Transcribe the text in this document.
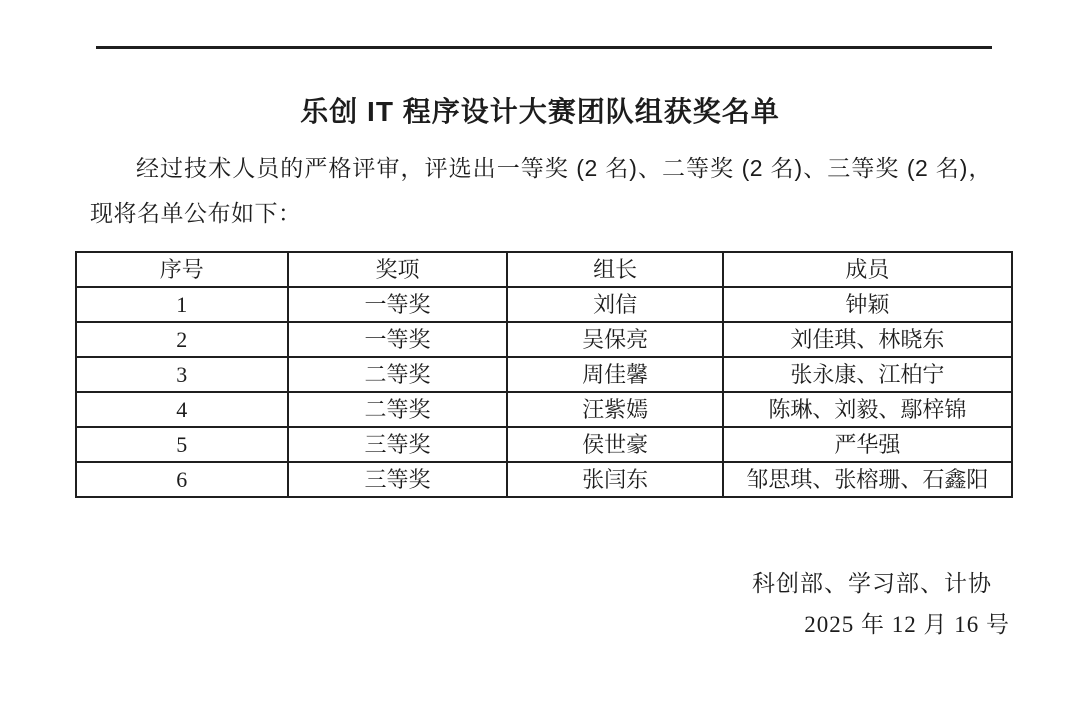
乐创 IT 程序设计大赛团队组获奖名单

经过技术人员的严格评审，评选出一等奖 (2 名)、二等奖 (2 名)、三等奖 (2 名)，现将名单公布如下：

序号	奖项	组长	成员
1	一等奖	刘信	钟颖
2	一等奖	吴保亮	刘佳琪、林晓东
3	二等奖	周佳馨	张永康、江柏宁
4	二等奖	汪紫嫣	陈琳、刘毅、鄢梓锦
5	三等奖	侯世豪	严华强
6	三等奖	张闫东	邹思琪、张榕珊、石鑫阳
科创部、学习部、计协
2025 年 12 月 16 号
